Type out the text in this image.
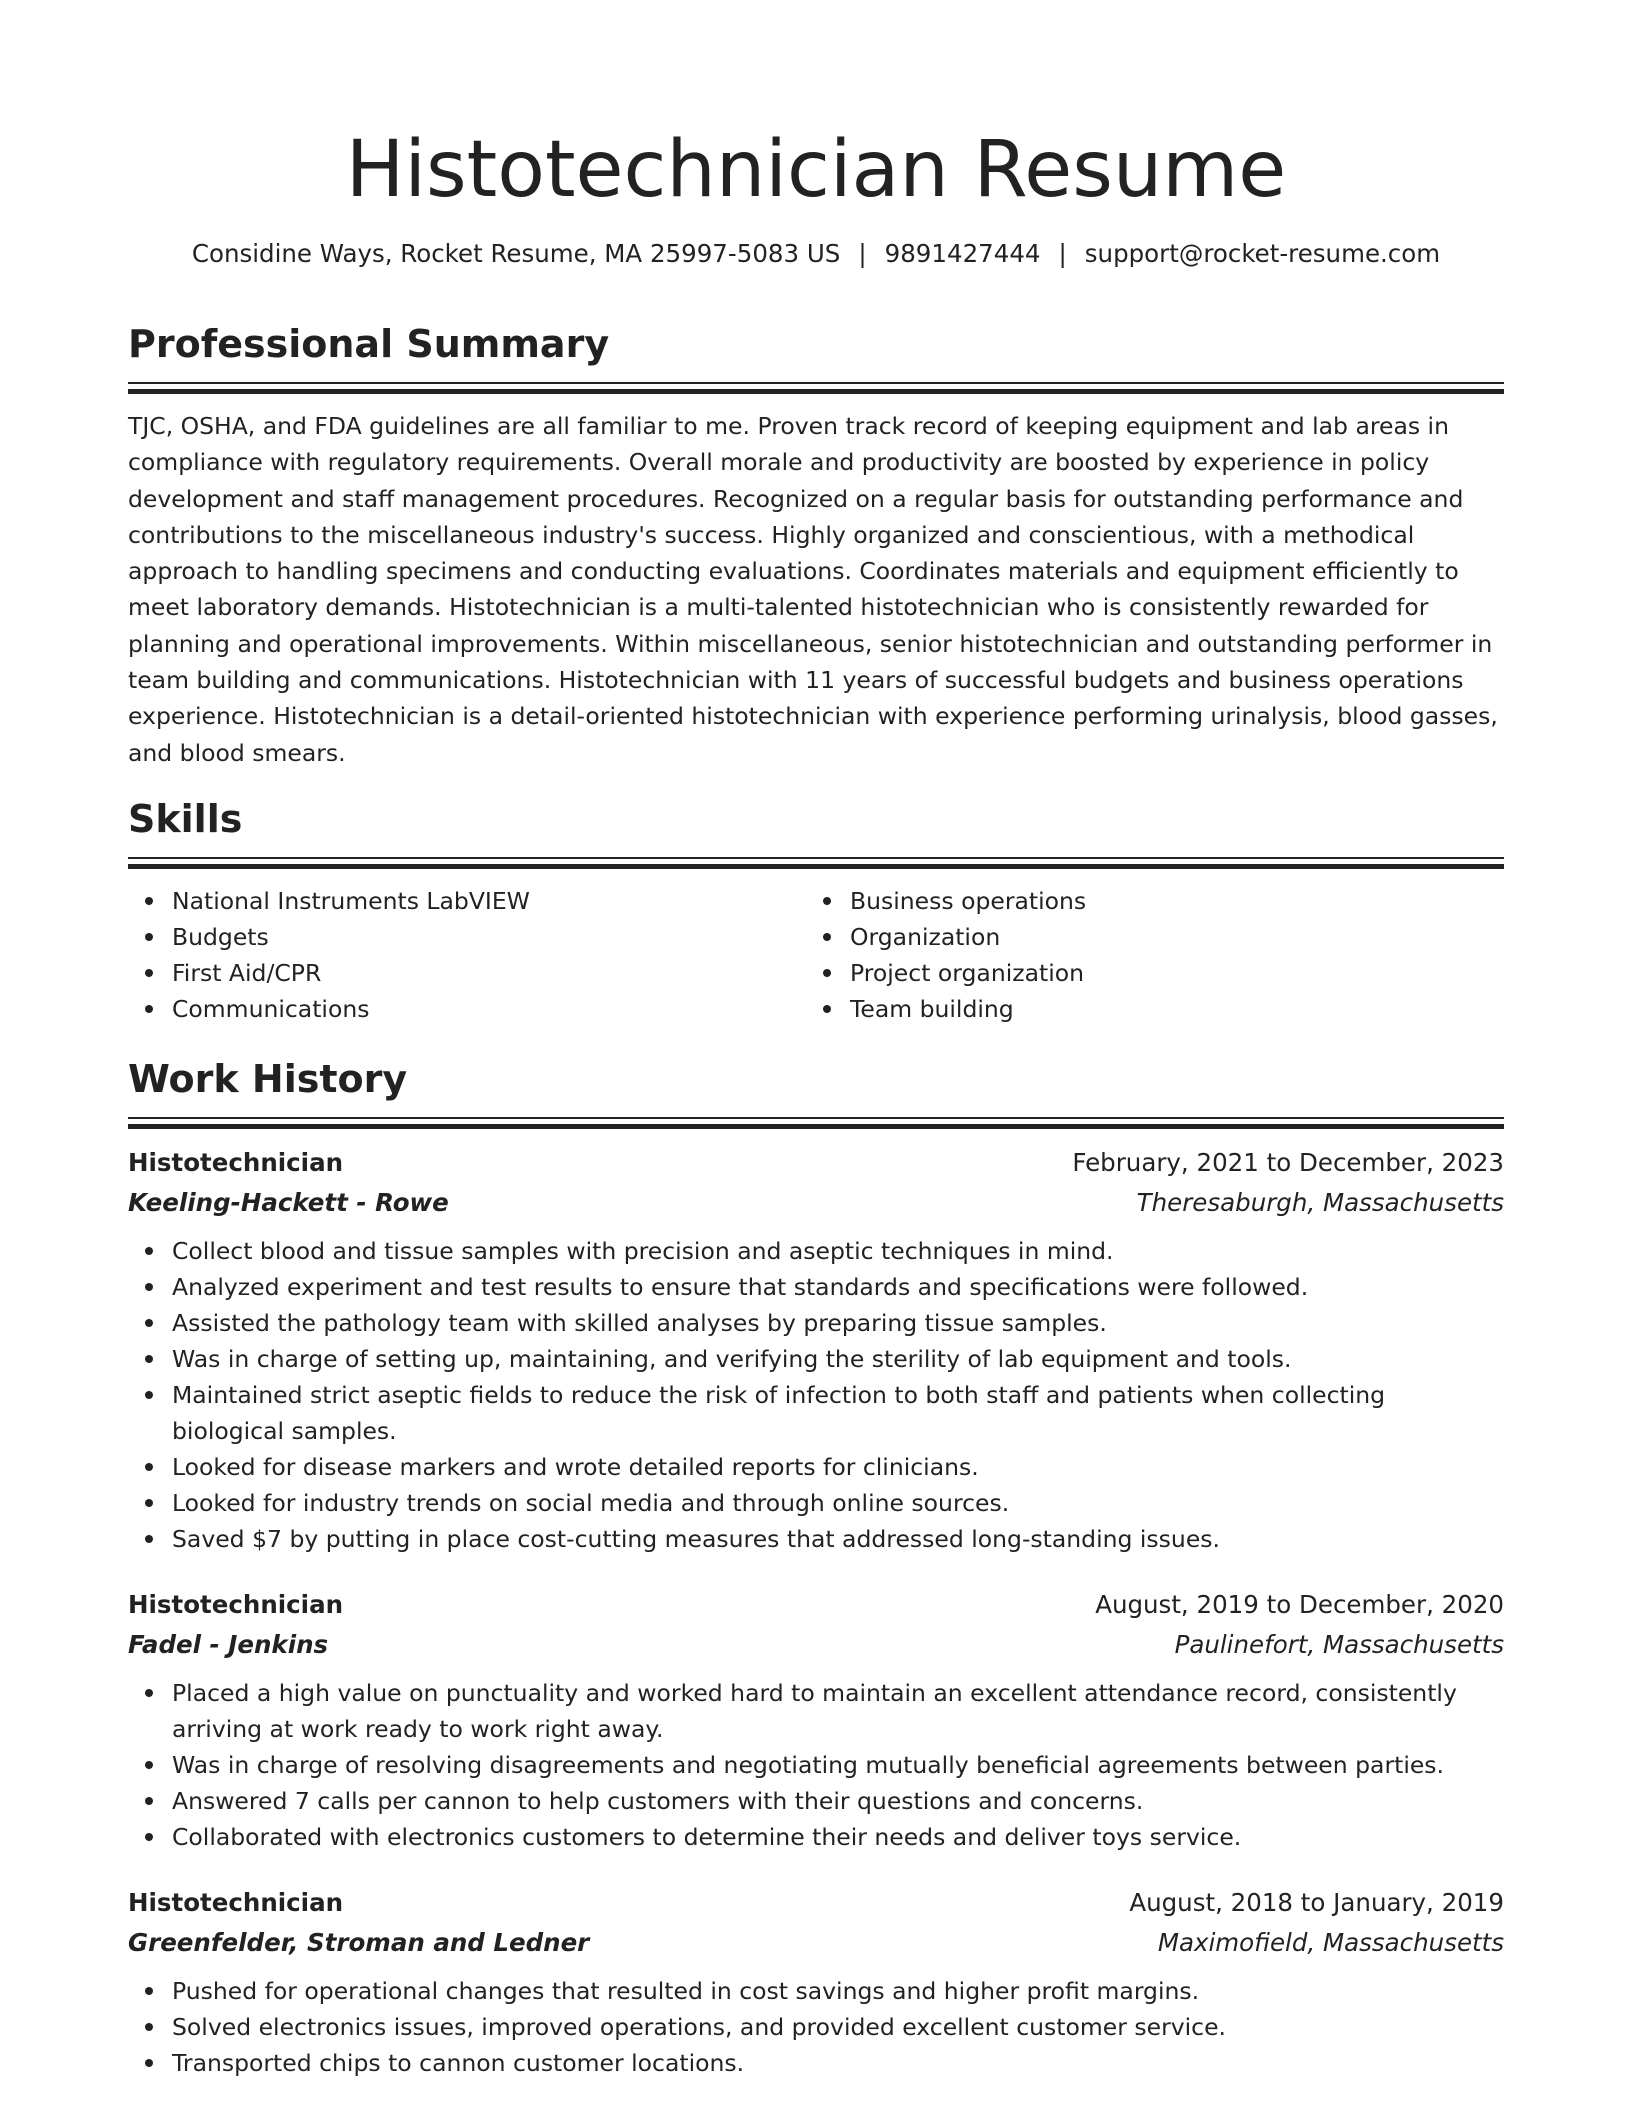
Histotechnician Resume
Considine Ways, Rocket Resume, MA 25997-5083 US | 9891427444 | support@rocket-resume.com
Professional Summary
TJC, OSHA, and FDA guidelines are all familiar to me. Proven track record of keeping equipment and lab areas in compliance with regulatory requirements. Overall morale and productivity are boosted by experience in policy development and staff management procedures. Recognized on a regular basis for outstanding performance and contributions to the miscellaneous industry's success. Highly organized and conscientious, with a methodical approach to handling specimens and conducting evaluations. Coordinates materials and equipment efficiently to meet laboratory demands. Histotechnician is a multi-talented histotechnician who is consistently rewarded for planning and operational improvements. Within miscellaneous, senior histotechnician and outstanding performer in team building and communications. Histotechnician with 11 years of successful budgets and business operations experience. Histotechnician is a detail-oriented histotechnician with experience performing urinalysis, blood gasses, and blood smears.
Skills
National Instruments LabVIEW
Budgets
First Aid/CPR
Communications
Business operations
Organization
Project organization
Team building
Work History
Histotechnician	February, 2021 to December, 2023
Keeling-Hackett - Rowe	Theresaburgh, Massachusetts
Collect blood and tissue samples with precision and aseptic techniques in mind.
Analyzed experiment and test results to ensure that standards and specifications were followed.
Assisted the pathology team with skilled analyses by preparing tissue samples.
Was in charge of setting up, maintaining, and verifying the sterility of lab equipment and tools.
Maintained strict aseptic fields to reduce the risk of infection to both staff and patients when collecting biological samples.
Looked for disease markers and wrote detailed reports for clinicians.
Looked for industry trends on social media and through online sources.
Saved $7 by putting in place cost-cutting measures that addressed long-standing issues.
Histotechnician	August, 2019 to December, 2020
Fadel - Jenkins	Paulinefort, Massachusetts
Placed a high value on punctuality and worked hard to maintain an excellent attendance record, consistently arriving at work ready to work right away.
Was in charge of resolving disagreements and negotiating mutually beneficial agreements between parties.
Answered 7 calls per cannon to help customers with their questions and concerns.
Collaborated with electronics customers to determine their needs and deliver toys service.
Histotechnician	August, 2018 to January, 2019
Greenfelder, Stroman and Ledner	Maximofield, Massachusetts
Pushed for operational changes that resulted in cost savings and higher profit margins.
Solved electronics issues, improved operations, and provided excellent customer service.
Transported chips to cannon customer locations.
